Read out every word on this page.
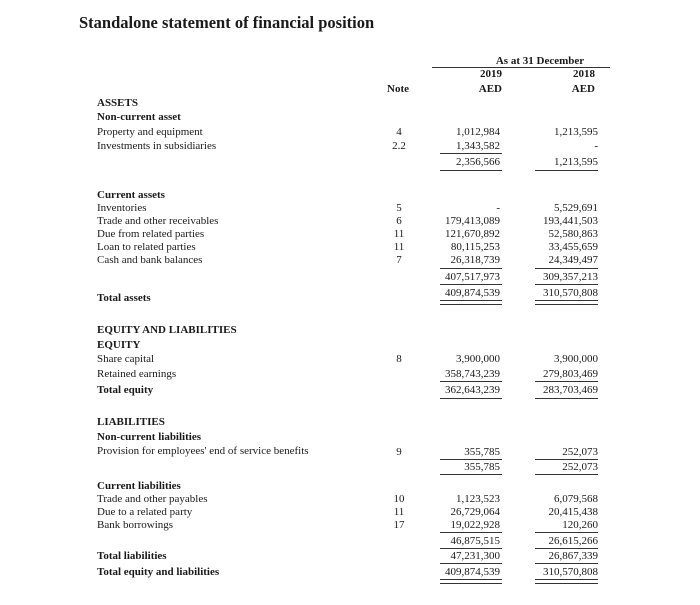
Standalone statement of financial position
As at 31 December
Note
2019	2018
AED	AED
ASSETS
Non-current asset
Property and equipment	4	1,012,984	1,213,595
Investments in subsidiaries	2.2	1,343,582	-
2,356,566	1,213,595
Current assets
Inventories	5	-	5,529,691
Trade and other receivables	6	179,413,089	193,441,503
Due from related parties	11	121,670,892	52,580,863
Loan to related parties	11	80,115,253	33,455,659
Cash and bank balances	7	26,318,739	24,349,497
407,517,973	309,357,213
Total assets	409,874,539	310,570,808
EQUITY AND LIABILITIES
EQUITY
Share capital	8	3,900,000	3,900,000
Retained earnings	358,743,239	279,803,469
Total equity	362,643,239	283,703,469
LIABILITIES
Non-current liabilities
Provision for employees' end of service benefits	9	355,785	252,073
355,785	252,073
Current liabilities
Trade and other payables	10	1,123,523	6,079,568
Due to a related party	11	26,729,064	20,415,438
Bank borrowings	17	19,022,928	120,260
46,875,515	26,615,266
Total liabilities	47,231,300	26,867,339
Total equity and liabilities	409,874,539	310,570,808
